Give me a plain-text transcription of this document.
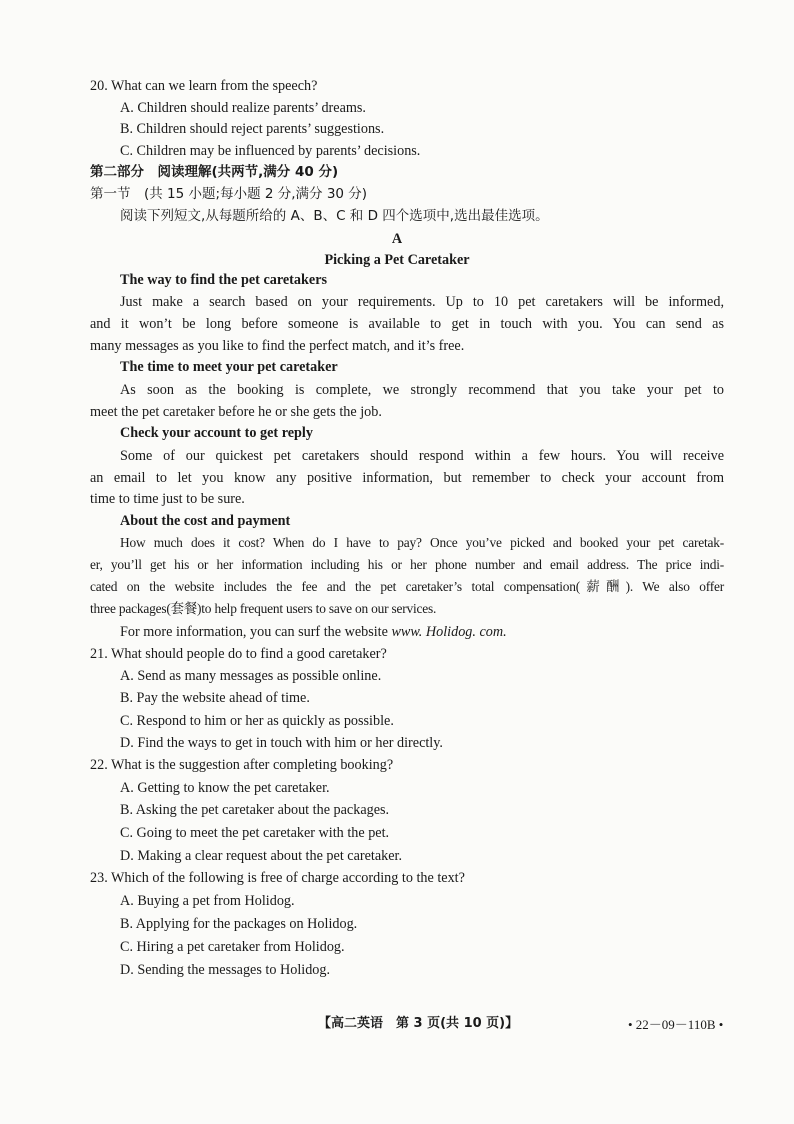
20. What can we learn from the speech?
A. Children should realize parents’ dreams.
B. Children should reject parents’ suggestions.
C. Children may be influenced by parents’ decisions.
第二部分　阅读理解(共两节,满分 40 分)
第一节　(共 15 小题;每小题 2 分,满分 30 分)
阅读下列短文,从每题所给的 A、B、C 和 D 四个选项中,选出最佳选项。
A
Picking a Pet Caretaker
The way to find the pet caretakers
Just make a search based on your requirements. Up to 10 pet caretakers will be informed,
and it won’t be long before someone is available to get in touch with you. You can send as
many messages as you like to find the perfect match, and it’s free.
The time to meet your pet caretaker
As soon as the booking is complete, we strongly recommend that you take your pet to
meet the pet caretaker before he or she gets the job.
Check your account to get reply
Some of our quickest pet caretakers should respond within a few hours. You will receive
an email to let you know any positive information, but remember to check your account from
time to time just to be sure.
About the cost and payment
How much does it cost? When do I have to pay? Once you’ve picked and booked your pet caretak-
er, you’ll get his or her information including his or her phone number and email address. The price indi-
cated on the website includes the fee and the pet caretaker’s total compensation(薪酬). We also offer
three packages(套餐)to help frequent users to save on our services.
For more information, you can surf the website www. Holidog. com.
21. What should people do to find a good caretaker?
A. Send as many messages as possible online.
B. Pay the website ahead of time.
C. Respond to him or her as quickly as possible.
D. Find the ways to get in touch with him or her directly.
22. What is the suggestion after completing booking?
A. Getting to know the pet caretaker.
B. Asking the pet caretaker about the packages.
C. Going to meet the pet caretaker with the pet.
D. Making a clear request about the pet caretaker.
23. Which of the following is free of charge according to the text?
A. Buying a pet from Holidog.
B. Applying for the packages on Holidog.
C. Hiring a pet caretaker from Holidog.
D. Sending the messages to Holidog.
【高二英语　第 3 页(共 10 页)】	• 22－09－110B •
